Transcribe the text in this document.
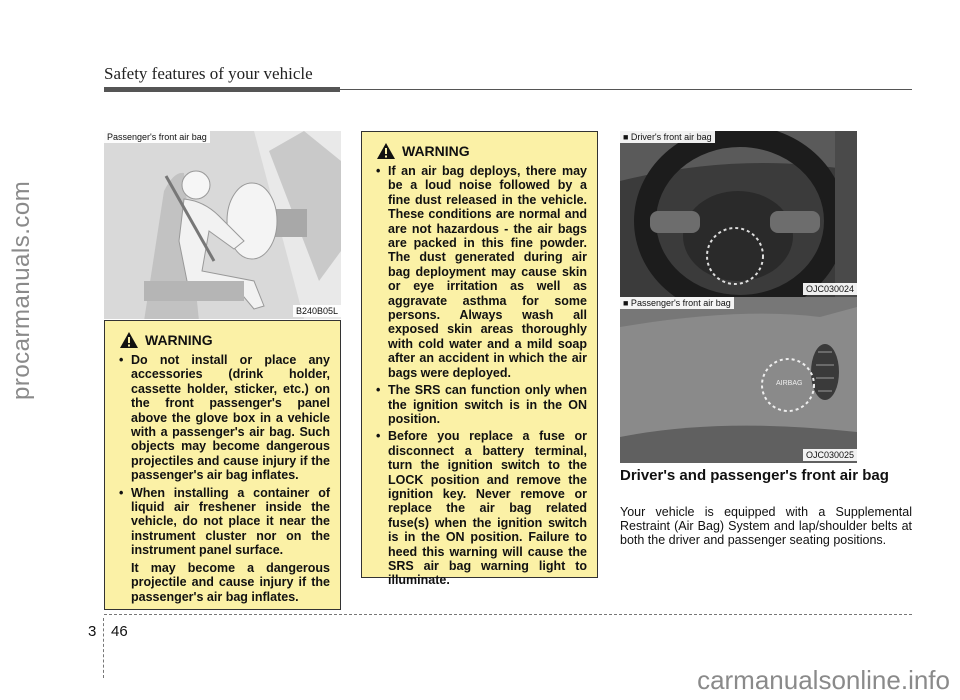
procarmanuals.com
carmanualsonline.info
Safety features of your vehicle
Passenger's front air bag
B240B05L
WARNING
• Do not install or place any accessories (drink holder, cassette holder, sticker, etc.) on the front passenger's panel above the glove box in a vehicle with a passenger's air bag. Such objects may become dangerous projectiles and cause injury if the passenger's air bag inflates.
• When installing a container of liquid air freshener inside the vehicle, do not place it near the instrument cluster nor on the instrument panel surface.
It may become a dangerous projectile and cause injury if the passenger's air bag inflates.
WARNING
• If an air bag deploys, there may be a loud noise followed by a fine dust released in the vehicle. These conditions are normal and are not hazardous - the air bags are packed in this fine powder. The dust generated during air bag deployment may cause skin or eye irritation as well as aggravate asthma for some persons. Always wash all exposed skin areas thoroughly with cold water and a mild soap after an accident in which the air bags were deployed.
• The SRS can function only when the ignition switch is in the ON position.
• Before you replace a fuse or disconnect a battery terminal, turn the ignition switch to the LOCK position and remove the ignition key. Never remove or replace the air bag related fuse(s) when the ignition switch is in the ON position. Failure to heed this warning will cause the SRS air bag warning light to illuminate.
■ Driver's front air bag
OJC030024
AIRBAG
■ Passenger's front air bag
OJC030025
Driver's and passenger's front air bag
Your vehicle is equipped with a Supplemental Restraint (Air Bag) System and lap/shoulder belts at both the driver and passenger seating positions.
3 46
